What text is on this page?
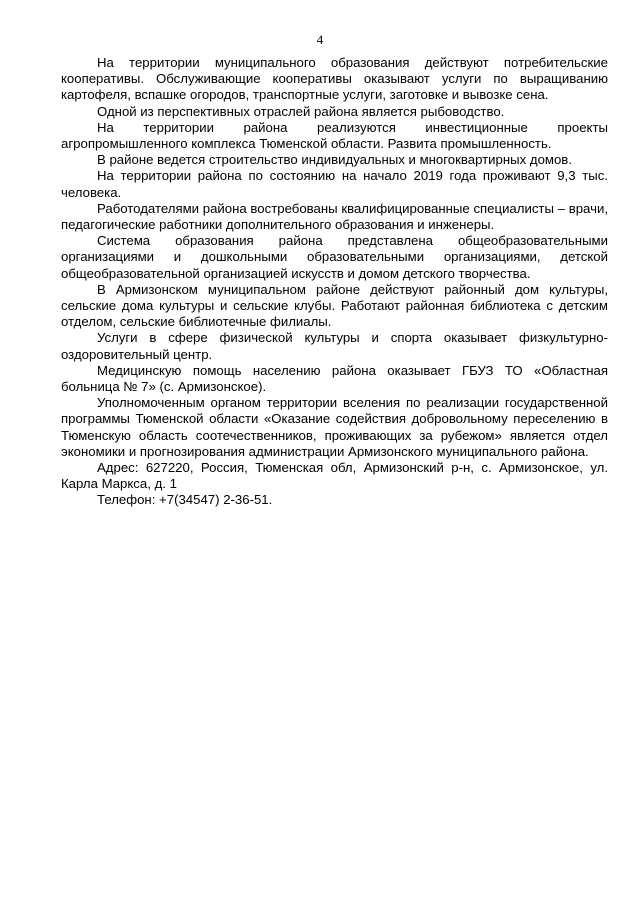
4

На территории муниципального образования действуют потребительские кооперативы. Обслуживающие кооперативы оказывают услуги по выращиванию картофеля, вспашке огородов, транспортные услуги, заготовке и вывозке сена.

Одной из перспективных отраслей района является рыбоводство.

На территории района реализуются инвестиционные проекты агропромышленного комплекса Тюменской области. Развита промышленность.

В районе ведется строительство индивидуальных и многоквартирных домов.

На территории района по состоянию на начало 2019 года проживают 9,3 тыс. человека.

Работодателями района востребованы квалифицированные специалисты – врачи, педагогические работники дополнительного образования и инженеры.

Система образования района представлена общеобразовательными организациями и дошкольными образовательными организациями, детской общеобразовательной организацией искусств и домом детского творчества.

В Армизонском муниципальном районе действуют районный дом культуры, сельские дома культуры и сельские клубы. Работают районная библиотека с детским отделом, сельские библиотечные филиалы.

Услуги в сфере физической культуры и спорта оказывает физкультурно-оздоровительный центр.

Медицинскую помощь населению района оказывает ГБУЗ ТО «Областная больница № 7» (с. Армизонское).

Уполномоченным органом территории вселения по реализации государственной программы Тюменской области «Оказание содействия добровольному переселению в Тюменскую область соотечественников, проживающих за рубежом» является отдел экономики и прогнозирования администрации Армизонского муниципального района.

Адрес: 627220, Россия, Тюменская обл, Армизонский р-н, с. Армизонское, ул. Карла Маркса, д. 1

Телефон: +7(34547) 2-36-51.
